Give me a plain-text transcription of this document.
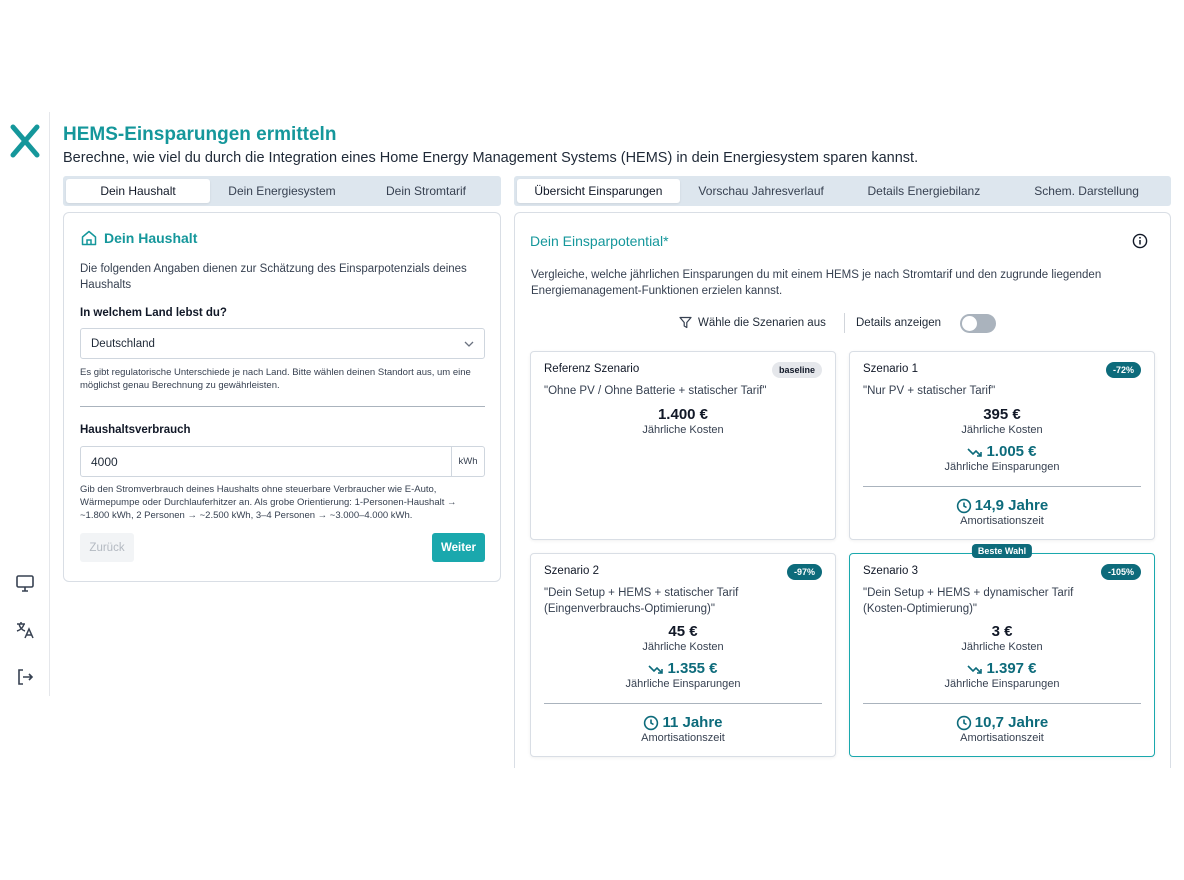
HEMS-Einsparungen ermitteln
Berechne, wie viel du durch die Integration eines Home Energy Management Systems (HEMS) in dein Energiesystem sparen kannst.
Dein Haushalt	Dein Energiesystem	Dein Stromtarif	Übersicht Einsparungen	Vorschau Jahresverlauf	Details Energiebilanz	Schem. Darstellung
Dein Haushalt
Die folgenden Angaben dienen zur Schätzung des Einsparpotenzials deines Haushalts
In welchem Land lebst du?
Deutschland
Es gibt regulatorische Unterschiede je nach Land. Bitte wählen deinen Standort aus, um eine möglichst genau Berechnung zu gewährleisten.
Haushaltsverbrauch
4000	kWh
Gib den Stromverbrauch deines Haushalts ohne steuerbare Verbraucher wie E-Auto, Wärmepumpe oder Durchlauferhitzer an. Als grobe Orientierung: 1-Personen-Haushalt → ~1.800 kWh, 2 Personen → ~2.500 kWh, 3–4 Personen → ~3.000–4.000 kWh.
Zurück	Weiter
Dein Einsparpotential*
Vergleiche, welche jährlichen Einsparungen du mit einem HEMS je nach Stromtarif und den zugrunde liegenden Energiemanagement-Funktionen erzielen kannst.
Wähle die Szenarien aus	Details anzeigen
Referenz Szenario	baseline
"Ohne PV / Ohne Batterie + statischer Tarif"
1.400 €
Jährliche Kosten
Szenario 1	-72%
"Nur PV + statischer Tarif"
395 €
Jährliche Kosten
1.005 €
Jährliche Einsparungen
14,9 Jahre
Amortisationszeit
Szenario 2	-97%
"Dein Setup + HEMS + statischer Tarif (Eingenverbrauchs-Optimierung)"
45 €
Jährliche Kosten
1.355 €
Jährliche Einsparungen
11 Jahre
Amortisationszeit
Beste Wahl
Szenario 3	-105%
"Dein Setup + HEMS + dynamischer Tarif (Kosten-Optimierung)"
3 €
Jährliche Kosten
1.397 €
Jährliche Einsparungen
10,7 Jahre
Amortisationszeit
